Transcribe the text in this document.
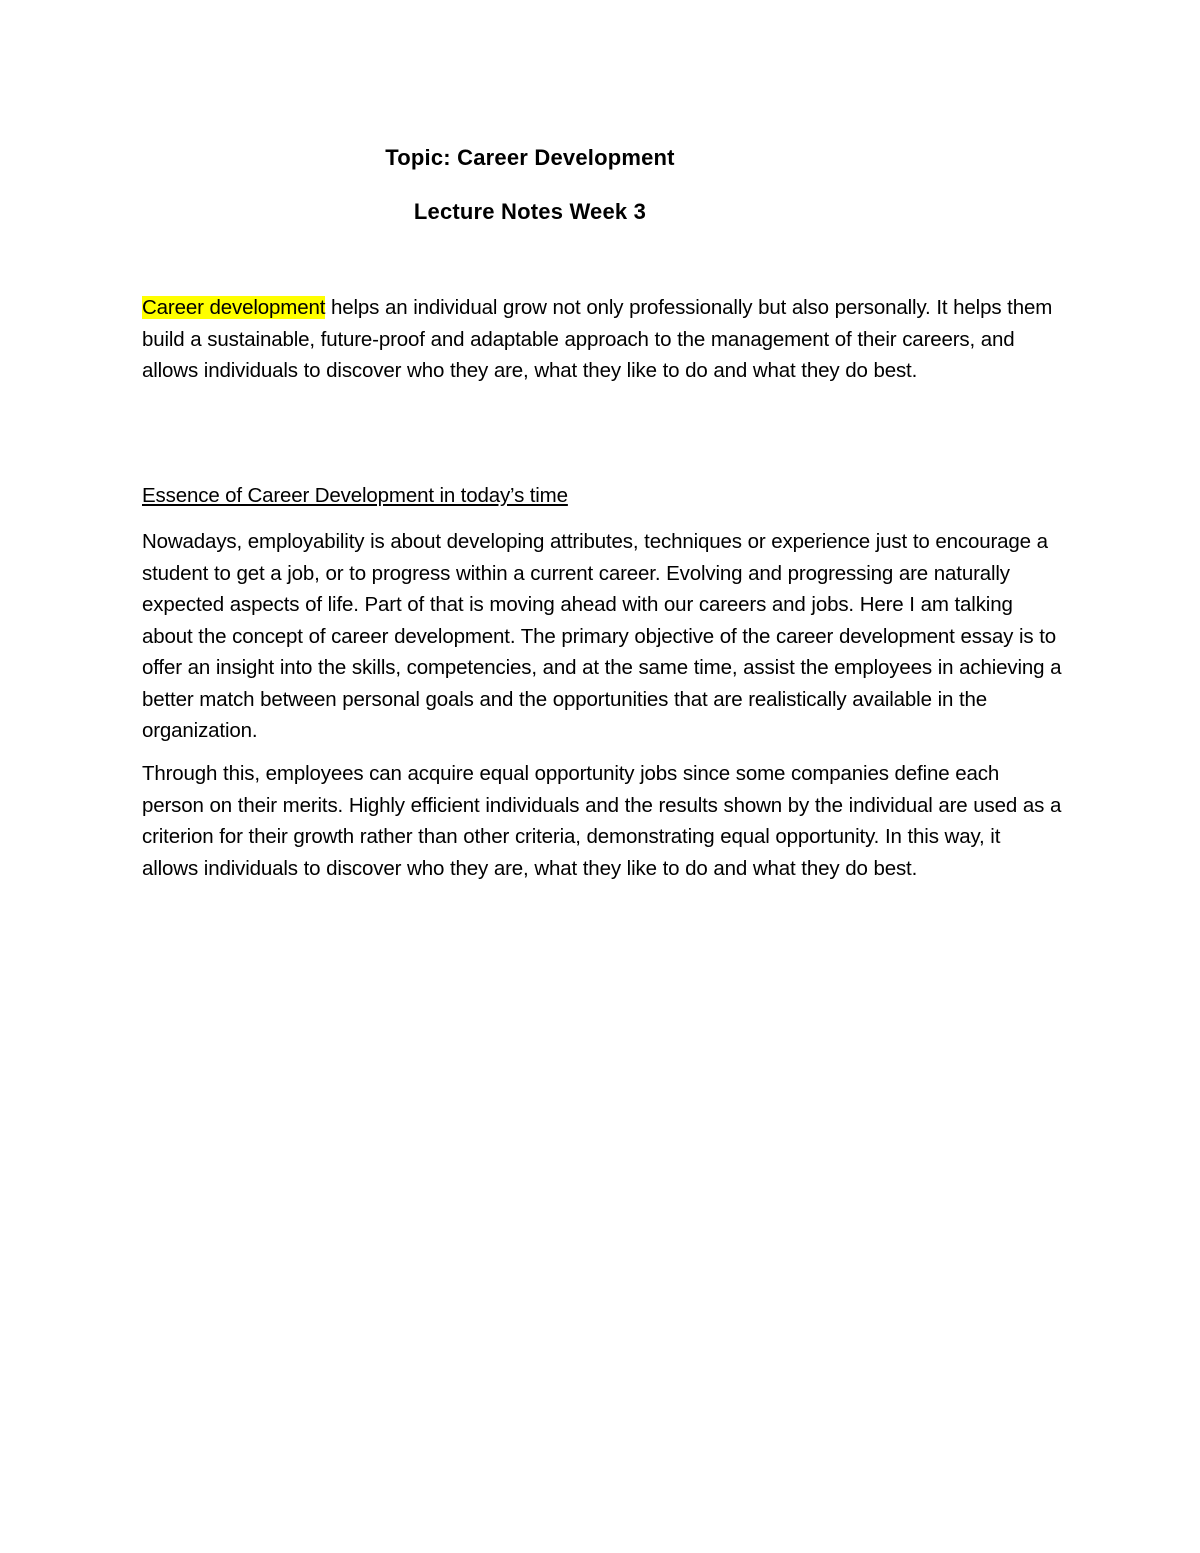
Topic: Career Development
Lecture Notes Week 3

Career development helps an individual grow not only professionally but also personally. It helps them build a sustainable, future-proof and adaptable approach to the management of their careers, and allows individuals to discover who they are, what they like to do and what they do best.

Essence of Career Development in today’s time

Nowadays, employability is about developing attributes, techniques or experience just to encourage a student to get a job, or to progress within a current career. Evolving and progressing are naturally expected aspects of life. Part of that is moving ahead with our careers and jobs. Here I am talking about the concept of career development. The primary objective of the career development essay is to offer an insight into the skills, competencies, and at the same time, assist the employees in achieving a better match between personal goals and the opportunities that are realistically available in the organization.

Through this, employees can acquire equal opportunity jobs since some companies define each person on their merits. Highly efficient individuals and the results shown by the individual are used as a criterion for their growth rather than other criteria, demonstrating equal opportunity. In this way, it allows individuals to discover who they are, what they like to do and what they do best.
